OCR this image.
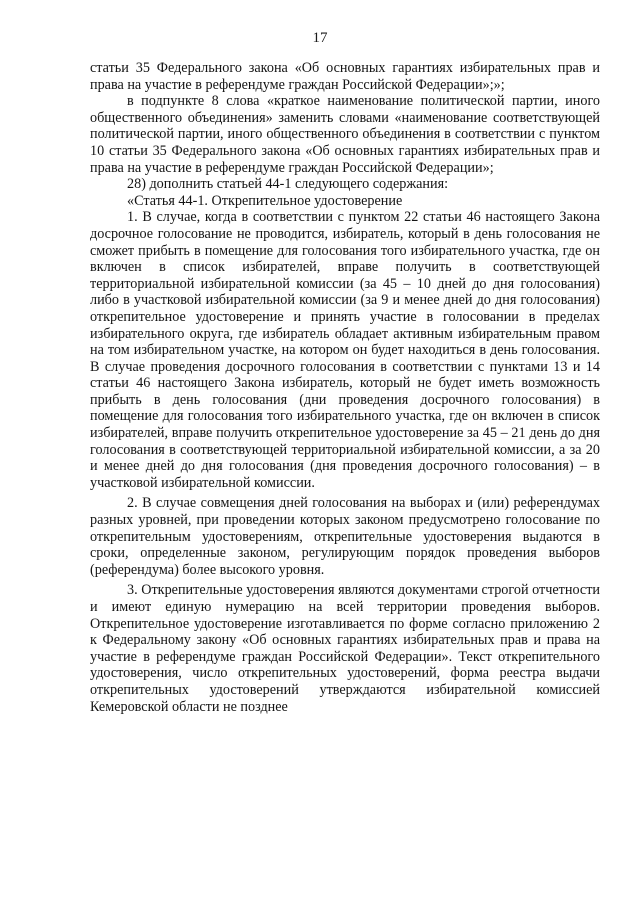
17

статьи 35 Федерального закона «Об основных гарантиях избирательных прав и права на участие в референдуме граждан Российской Федерации»;»;

в подпункте 8 слова «краткое наименование политической партии, иного общественного объединения» заменить словами «наименование соответствующей политической партии, иного общественного объединения в соответствии с пунктом 10 статьи 35 Федерального закона «Об основных гарантиях избирательных прав и права на участие в референдуме граждан Российской Федерации»;

28) дополнить статьей 44-1 следующего содержания:

«Статья 44-1. Открепительное удостоверение

1. В случае, когда в соответствии с пунктом 22 статьи 46 настоящего Закона досрочное голосование не проводится, избиратель, который в день голосования не сможет прибыть в помещение для голосования того избирательного участка, где он включен в список избирателей, вправе получить в соответствующей территориальной избирательной комиссии (за 45 – 10 дней до дня голосования) либо в участковой избирательной комиссии (за 9 и менее дней до дня голосования) открепительное удостоверение и принять участие в голосовании в пределах избирательного округа, где избиратель обладает активным избирательным правом на том избирательном участке, на котором он будет находиться в день голосования. В случае проведения досрочного голосования в соответствии с пунктами 13 и 14 статьи 46 настоящего Закона избиратель, который не будет иметь возможность прибыть в день голосования (дни проведения досрочного голосования) в помещение для голосования того избирательного участка, где он включен в список избирателей, вправе получить открепительное удостоверение за 45 – 21 день до дня голосования в соответствующей территориальной избирательной комиссии, а за 20 и менее дней до дня голосования (дня проведения досрочного голосования) – в участковой избирательной комиссии.

2. В случае совмещения дней голосования на выборах и (или) референдумах разных уровней, при проведении которых законом предусмотрено голосование по открепительным удостоверениям, открепительные удостоверения выдаются в сроки, определенные законом, регулирующим порядок проведения выборов (референдума) более высокого уровня.

3. Открепительные удостоверения являются документами строгой отчетности и имеют единую нумерацию на всей территории проведения выборов. Открепительное удостоверение изготавливается по форме согласно приложению 2 к Федеральному закону «Об основных гарантиях избирательных прав и права на участие в референдуме граждан Российской Федерации». Текст открепительного удостоверения, число открепительных удостоверений, форма реестра выдачи открепительных удостоверений утверждаются избирательной комиссией Кемеровской области не позднее
